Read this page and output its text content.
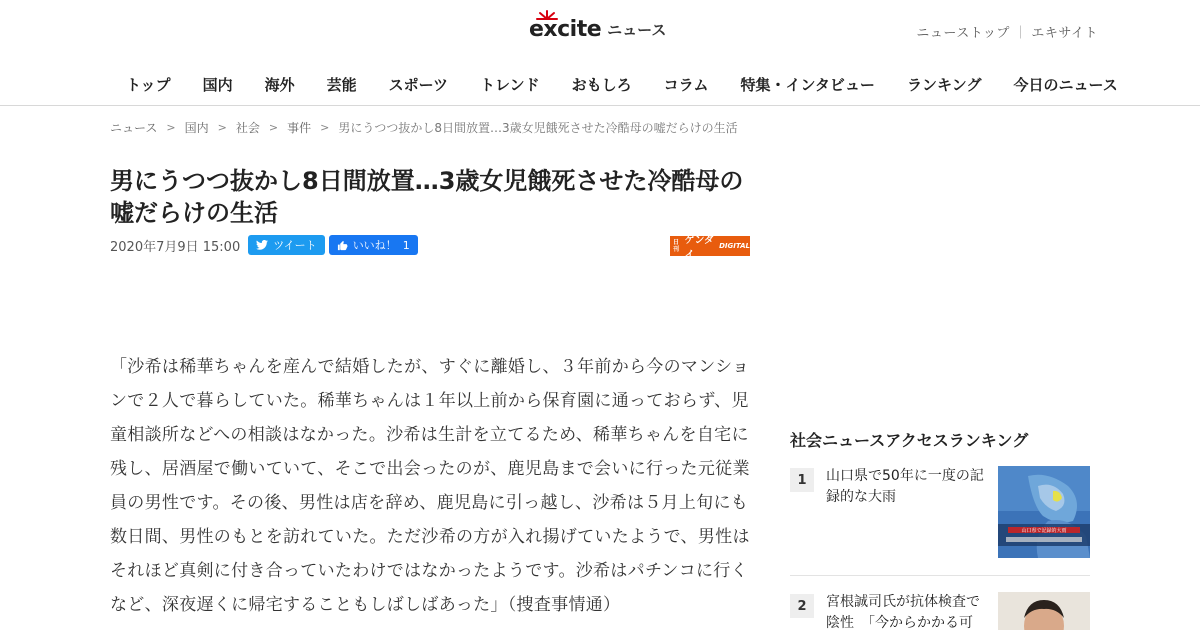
excite ニュース	ニューストップ ｜ エキサイト
トップ	国内	海外	芸能	スポーツ	トレンド	おもしろ	コラム	特集・インタビュー	ランキング	今日のニュース
ニュース > 国内 > 社会 > 事件 > 男にうつつ抜かし8日間放置…3歳女児餓死させた冷酷母の嘘だらけの生活
男にうつつ抜かし8日間放置…3歳女児餓死させた冷酷母の嘘だらけの生活
2020年7月9日 15:00	ツイート	いいね！ 1	日刊
ゲンダイ
DIGITAL

「沙希は稀華ちゃんを産んで結婚したが、すぐに離婚し、３年前から今のマンションで２人で暮らしていた。稀華ちゃんは１年以上前から保育園に通っておらず、児童相談所などへの相談はなかった。沙希は生計を立てるため、稀華ちゃんを自宅に残し、居酒屋で働いていて、そこで出会ったのが、鹿児島まで会いに行った元従業員の男性です。その後、男性は店を辞め、鹿児島に引っ越し、沙希は５月上旬にも数日間、男性のもとを訪れていた。ただ沙希の方が入れ揚げていたようで、男性はそれほど真剣に付き合っていたわけではなかったようです。沙希はパチンコに行くなど、深夜遅くに帰宅することもしばしばあった」（捜査事情通）

社会ニュースアクセスランキング
1	山口県で50年に一度の記録的な大雨
山口県で記録的大雨
2	宮根誠司氏が抗体検査で陰性　「今からかかる可
